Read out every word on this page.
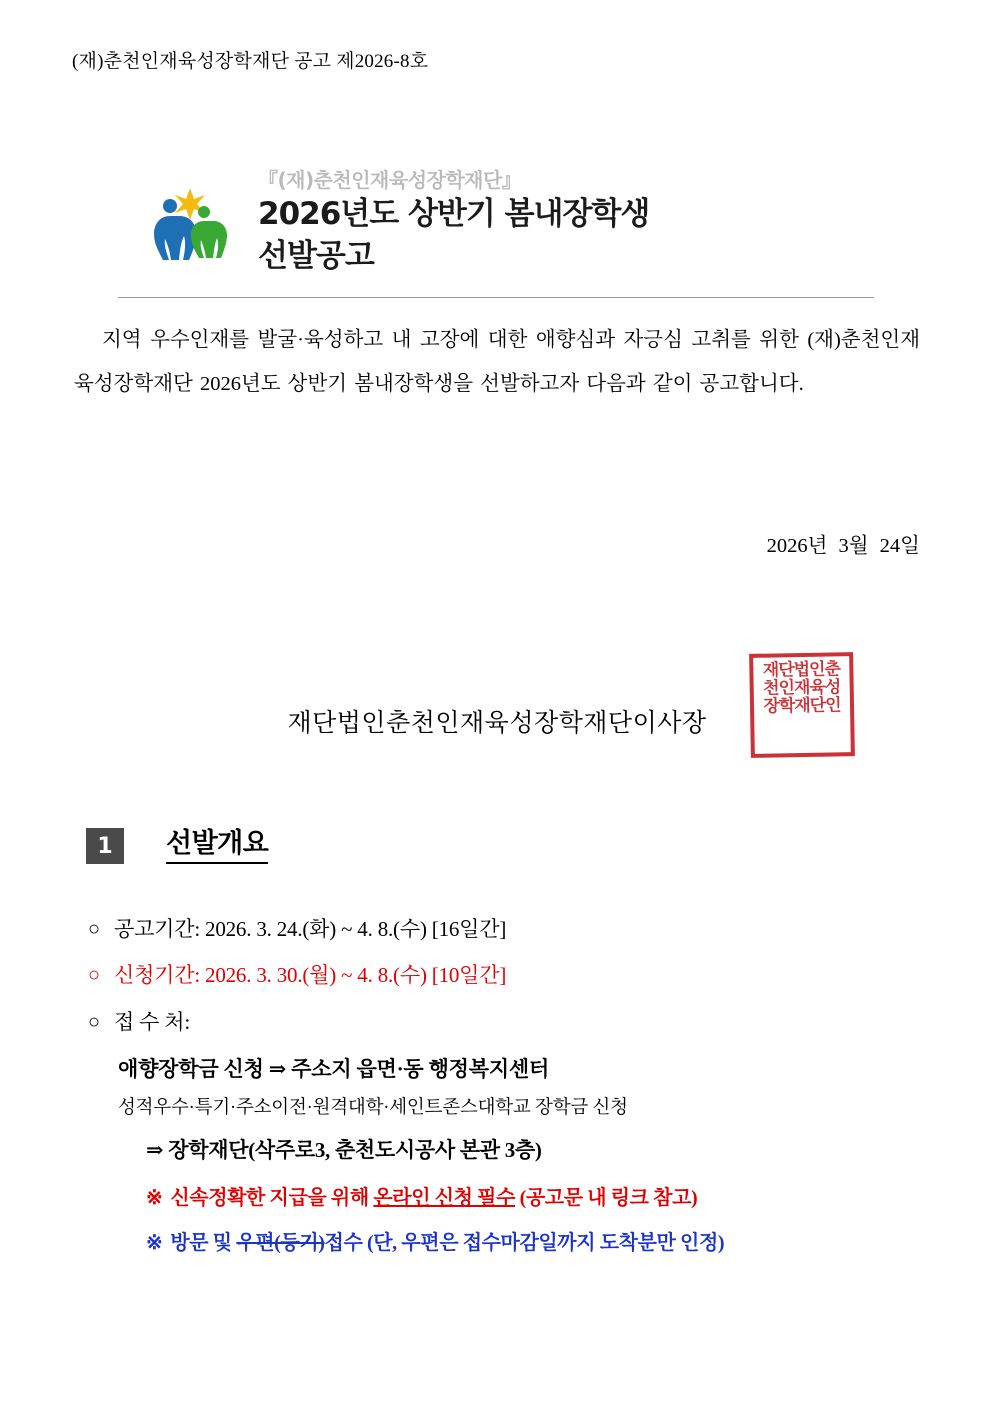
(재)춘천인재육성장학재단 공고 제2026-8호
『(재)춘천인재육성장학재단』
2026년도 상반기 봄내장학생
선발공고
지역 우수인재를 발굴·육성하고 내 고장에 대한 애향심과 자긍심 고취를 위한 (재)춘천인재육성장학재단 2026년도 상반기 봄내장학생을 선발하고자 다음과 같이 공고합니다.
2026년 3월 24일
재단법인춘천인재육성장학재단이사장
재단법인춘
천인재육성
장학재단인
1	선발개요
○ 공고기간: 2026. 3. 24.(화) ~ 4. 8.(수) [16일간]
○ 신청기간: 2026. 3. 30.(월) ~ 4. 8.(수) [10일간]
○ 접 수 처:
애향장학금 신청 ⇒ 주소지 읍면·동 행정복지센터
성적우수·특기·주소이전·원격대학·세인트존스대학교 장학금 신청
⇒ 장학재단(삭주로3, 춘천도시공사 본관 3층)
※ 신속정확한 지급을 위해 온라인 신청 필수 (공고문 내 링크 참고)
※ 방문 및 우편(등기)접수 (단, 우편은 접수마감일까지 도착분만 인정)
